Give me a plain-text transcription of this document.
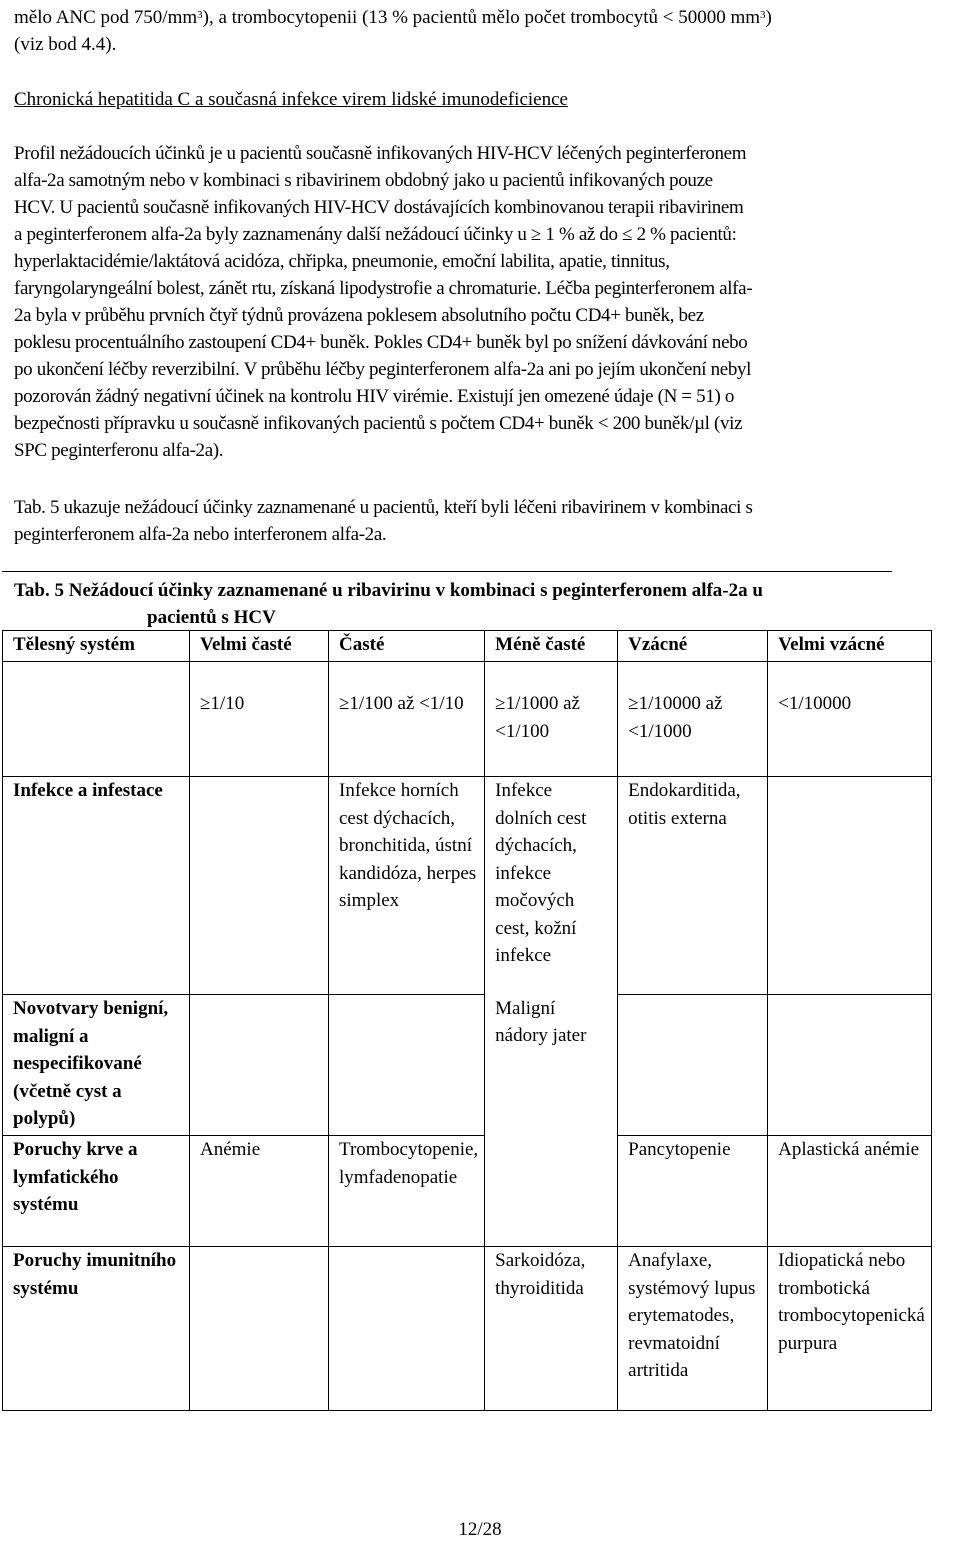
mělo ANC pod $750/mm^3$), a trombocytopenii (13 % pacientů mělo počet trombocytů < 50000 $mm^3$)
(viz bod 4.4).

Chronická hepatitida C a současná infekce virem lidské imunodeficience

Profil nežádoucích účinků je u pacientů současně infikovaných HIV-HCV léčených peginterferonem
alfa-2a samotným nebo v kombinaci s ribavirinem obdobný jako u pacientů infikovaných pouze
HCV. U pacientů současně infikovaných HIV-HCV dostávajících kombinovanou terapii ribavirinem
a peginterferonem alfa-2a byly zaznamenány další nežádoucí účinky u ≥ 1 % až do ≤ 2 % pacientů:
hyperlaktacidémie/laktátová acidóza, chřipka, pneumonie, emoční labilita, apatie, tinnitus,
faryngolaryngeální bolest, zánět rtu, získaná lipodystrofie a chromaturie. Léčba peginterferonem alfa-
2a byla v průběhu prvních čtyř týdnů provázena poklesem absolutního počtu CD4+ buněk, bez
poklesu procentuálního zastoupení CD4+ buněk. Pokles CD4+ buněk byl po snížení dávkování nebo
po ukončení léčby reverzibilní. V průběhu léčby peginterferonem alfa-2a ani po jejím ukončení nebyl
pozorován žádný negativní účinek na kontrolu HIV virémie. Existují jen omezené údaje (N = 51) o
bezpečnosti přípravku u současně infikovaných pacientů s počtem CD4+ buněk < 200 buněk/µl (viz
SPC peginterferonu alfa-2a).
Tab. 5 ukazuje nežádoucí účinky zaznamenané u pacientů, kteří byli léčeni ribavirinem v kombinaci s
peginterferonem alfa-2a nebo interferonem alfa-2a.
Tab. 5 Nežádoucí účinky zaznamenané u ribavirinu v kombinaci s peginterferonem alfa-2a u
pacientů s HCV
Tělesný systém	Velmi časté	Časté	Méně časté	Vzácné	Velmi vzácné
	≥1/10	≥1/100 až <1/10	≥1/1000 až <1/100	≥1/10000 až <1/1000	<1/10000
Infekce a infestace		Infekce horních cest dýchacích, bronchitida, ústní kandidóza, herpes simplex	Infekce dolních cest dýchacích, infekce močových cest, kožní infekce	Endokarditida, otitis externa	
Novotvary benigní, maligní a nespecifikované (včetně cyst a polypů)			Maligní nádory jater		
Poruchy krve a lymfatického systému	Anémie	Trombocytopenie, lymfadenopatie		Pancytopenie	Aplastická anémie
Poruchy imunitního systému			Sarkoidóza, thyroiditida	Anafylaxe, systémový lupus erytematodes, revmatoidní artritida	Idiopatická nebo trombotická trombocytopenická purpura
12/28
